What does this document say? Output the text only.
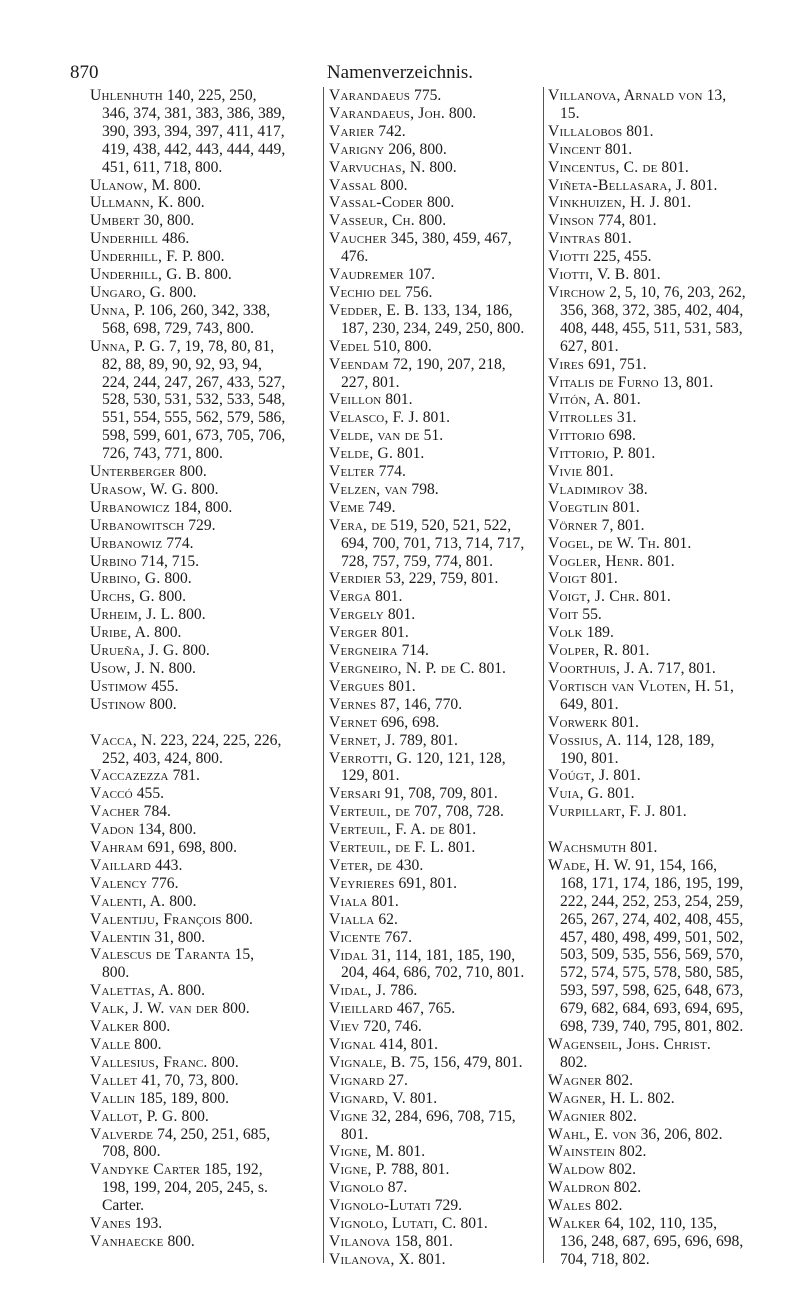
870	Namenverzeichnis.
Uhlenhuth 140, 225, 250,
346, 374, 381, 383, 386, 389,
390, 393, 394, 397, 411, 417,
419, 438, 442, 443, 444, 449,
451, 611, 718, 800.
Ulanow, M. 800.
Ullmann, K. 800.
Umbert 30, 800.
Underhill 486.
Underhill, F. P. 800.
Underhill, G. B. 800.
Ungaro, G. 800.
Unna, P. 106, 260, 342, 338,
568, 698, 729, 743, 800.
Unna, P. G. 7, 19, 78, 80, 81,
82, 88, 89, 90, 92, 93, 94,
224, 244, 247, 267, 433, 527,
528, 530, 531, 532, 533, 548,
551, 554, 555, 562, 579, 586,
598, 599, 601, 673, 705, 706,
726, 743, 771, 800.
Unterberger 800.
Urasow, W. G. 800.
Urbanowicz 184, 800.
Urbanowitsch 729.
Urbanowiz 774.
Urbino 714, 715.
Urbino, G. 800.
Urchs, G. 800.
Urheim, J. L. 800.
Uribe, A. 800.
Urueña, J. G. 800.
Usow, J. N. 800.
Ustimow 455.
Ustinow 800.
Vacca, N. 223, 224, 225, 226,
252, 403, 424, 800.
Vaccazezza 781.
Vaccó 455.
Vacher 784.
Vadon 134, 800.
Vahram 691, 698, 800.
Vaillard 443.
Valency 776.
Valenti, A. 800.
Valentiju, François 800.
Valentin 31, 800.
Valescus de Taranta 15,
800.
Valettas, A. 800.
Valk, J. W. van der 800.
Valker 800.
Valle 800.
Vallesius, Franc. 800.
Vallet 41, 70, 73, 800.
Vallin 185, 189, 800.
Vallot, P. G. 800.
Valverde 74, 250, 251, 685,
708, 800.
Vandyke Carter 185, 192,
198, 199, 204, 205, 245, s.
Carter.
Vanes 193.
Vanhaecke 800.
Varandaeus 775.
Varandaeus, Joh. 800.
Varier 742.
Varigny 206, 800.
Varvuchas, N. 800.
Vassal 800.
Vassal-Coder 800.
Vasseur, Ch. 800.
Vaucher 345, 380, 459, 467,
476.
Vaudremer 107.
Vechio del 756.
Vedder, E. B. 133, 134, 186,
187, 230, 234, 249, 250, 800.
Vedel 510, 800.
Veendam 72, 190, 207, 218,
227, 801.
Veillon 801.
Velasco, F. J. 801.
Velde, van de 51.
Velde, G. 801.
Velter 774.
Velzen, van 798.
Veme 749.
Vera, de 519, 520, 521, 522,
694, 700, 701, 713, 714, 717,
728, 757, 759, 774, 801.
Verdier 53, 229, 759, 801.
Verga 801.
Vergely 801.
Verger 801.
Vergneira 714.
Vergneiro, N. P. de C. 801.
Vergues 801.
Vernes 87, 146, 770.
Vernet 696, 698.
Vernet, J. 789, 801.
Verrotti, G. 120, 121, 128,
129, 801.
Versari 91, 708, 709, 801.
Verteuil, de 707, 708, 728.
Verteuil, F. A. de 801.
Verteuil, de F. L. 801.
Veter, de 430.
Veyrieres 691, 801.
Viala 801.
Vialla 62.
Vicente 767.
Vidal 31, 114, 181, 185, 190,
204, 464, 686, 702, 710, 801.
Vidal, J. 786.
Vieillard 467, 765.
Viev 720, 746.
Vignal 414, 801.
Vignale, B. 75, 156, 479, 801.
Vignard 27.
Vignard, V. 801.
Vigne 32, 284, 696, 708, 715,
801.
Vigne, M. 801.
Vigne, P. 788, 801.
Vignolo 87.
Vignolo-Lutati 729.
Vignolo, Lutati, C. 801.
Vilanova 158, 801.
Vilanova, X. 801.
Villanova, Arnald von 13,
15.
Villalobos 801.
Vincent 801.
Vincentus, C. de 801.
Viñeta-Bellasara, J. 801.
Vinkhuizen, H. J. 801.
Vinson 774, 801.
Vintras 801.
Viotti 225, 455.
Viotti, V. B. 801.
Virchow 2, 5, 10, 76, 203, 262,
356, 368, 372, 385, 402, 404,
408, 448, 455, 511, 531, 583,
627, 801.
Vires 691, 751.
Vitalis de Furno 13, 801.
Vitón, A. 801.
Vitrolles 31.
Vittorio 698.
Vittorio, P. 801.
Vivie 801.
Vladimirov 38.
Voegtlin 801.
Vörner 7, 801.
Vogel, de W. Th. 801.
Vogler, Henr. 801.
Voigt 801.
Voigt, J. Chr. 801.
Voit 55.
Volk 189.
Volper, R. 801.
Voorthuis, J. A. 717, 801.
Vortisch van Vloten, H. 51,
649, 801.
Vorwerk 801.
Vossius, A. 114, 128, 189,
190, 801.
Voúgt, J. 801.
Vuia, G. 801.
Vurpillart, F. J. 801.
Wachsmuth 801.
Wade, H. W. 91, 154, 166,
168, 171, 174, 186, 195, 199,
222, 244, 252, 253, 254, 259,
265, 267, 274, 402, 408, 455,
457, 480, 498, 499, 501, 502,
503, 509, 535, 556, 569, 570,
572, 574, 575, 578, 580, 585,
593, 597, 598, 625, 648, 673,
679, 682, 684, 693, 694, 695,
698, 739, 740, 795, 801, 802.
Wagenseil, Johs. Christ.
802.
Wagner 802.
Wagner, H. L. 802.
Wagnier 802.
Wahl, E. von 36, 206, 802.
Wainstein 802.
Waldow 802.
Waldron 802.
Wales 802.
Walker 64, 102, 110, 135,
136, 248, 687, 695, 696, 698,
704, 718, 802.
